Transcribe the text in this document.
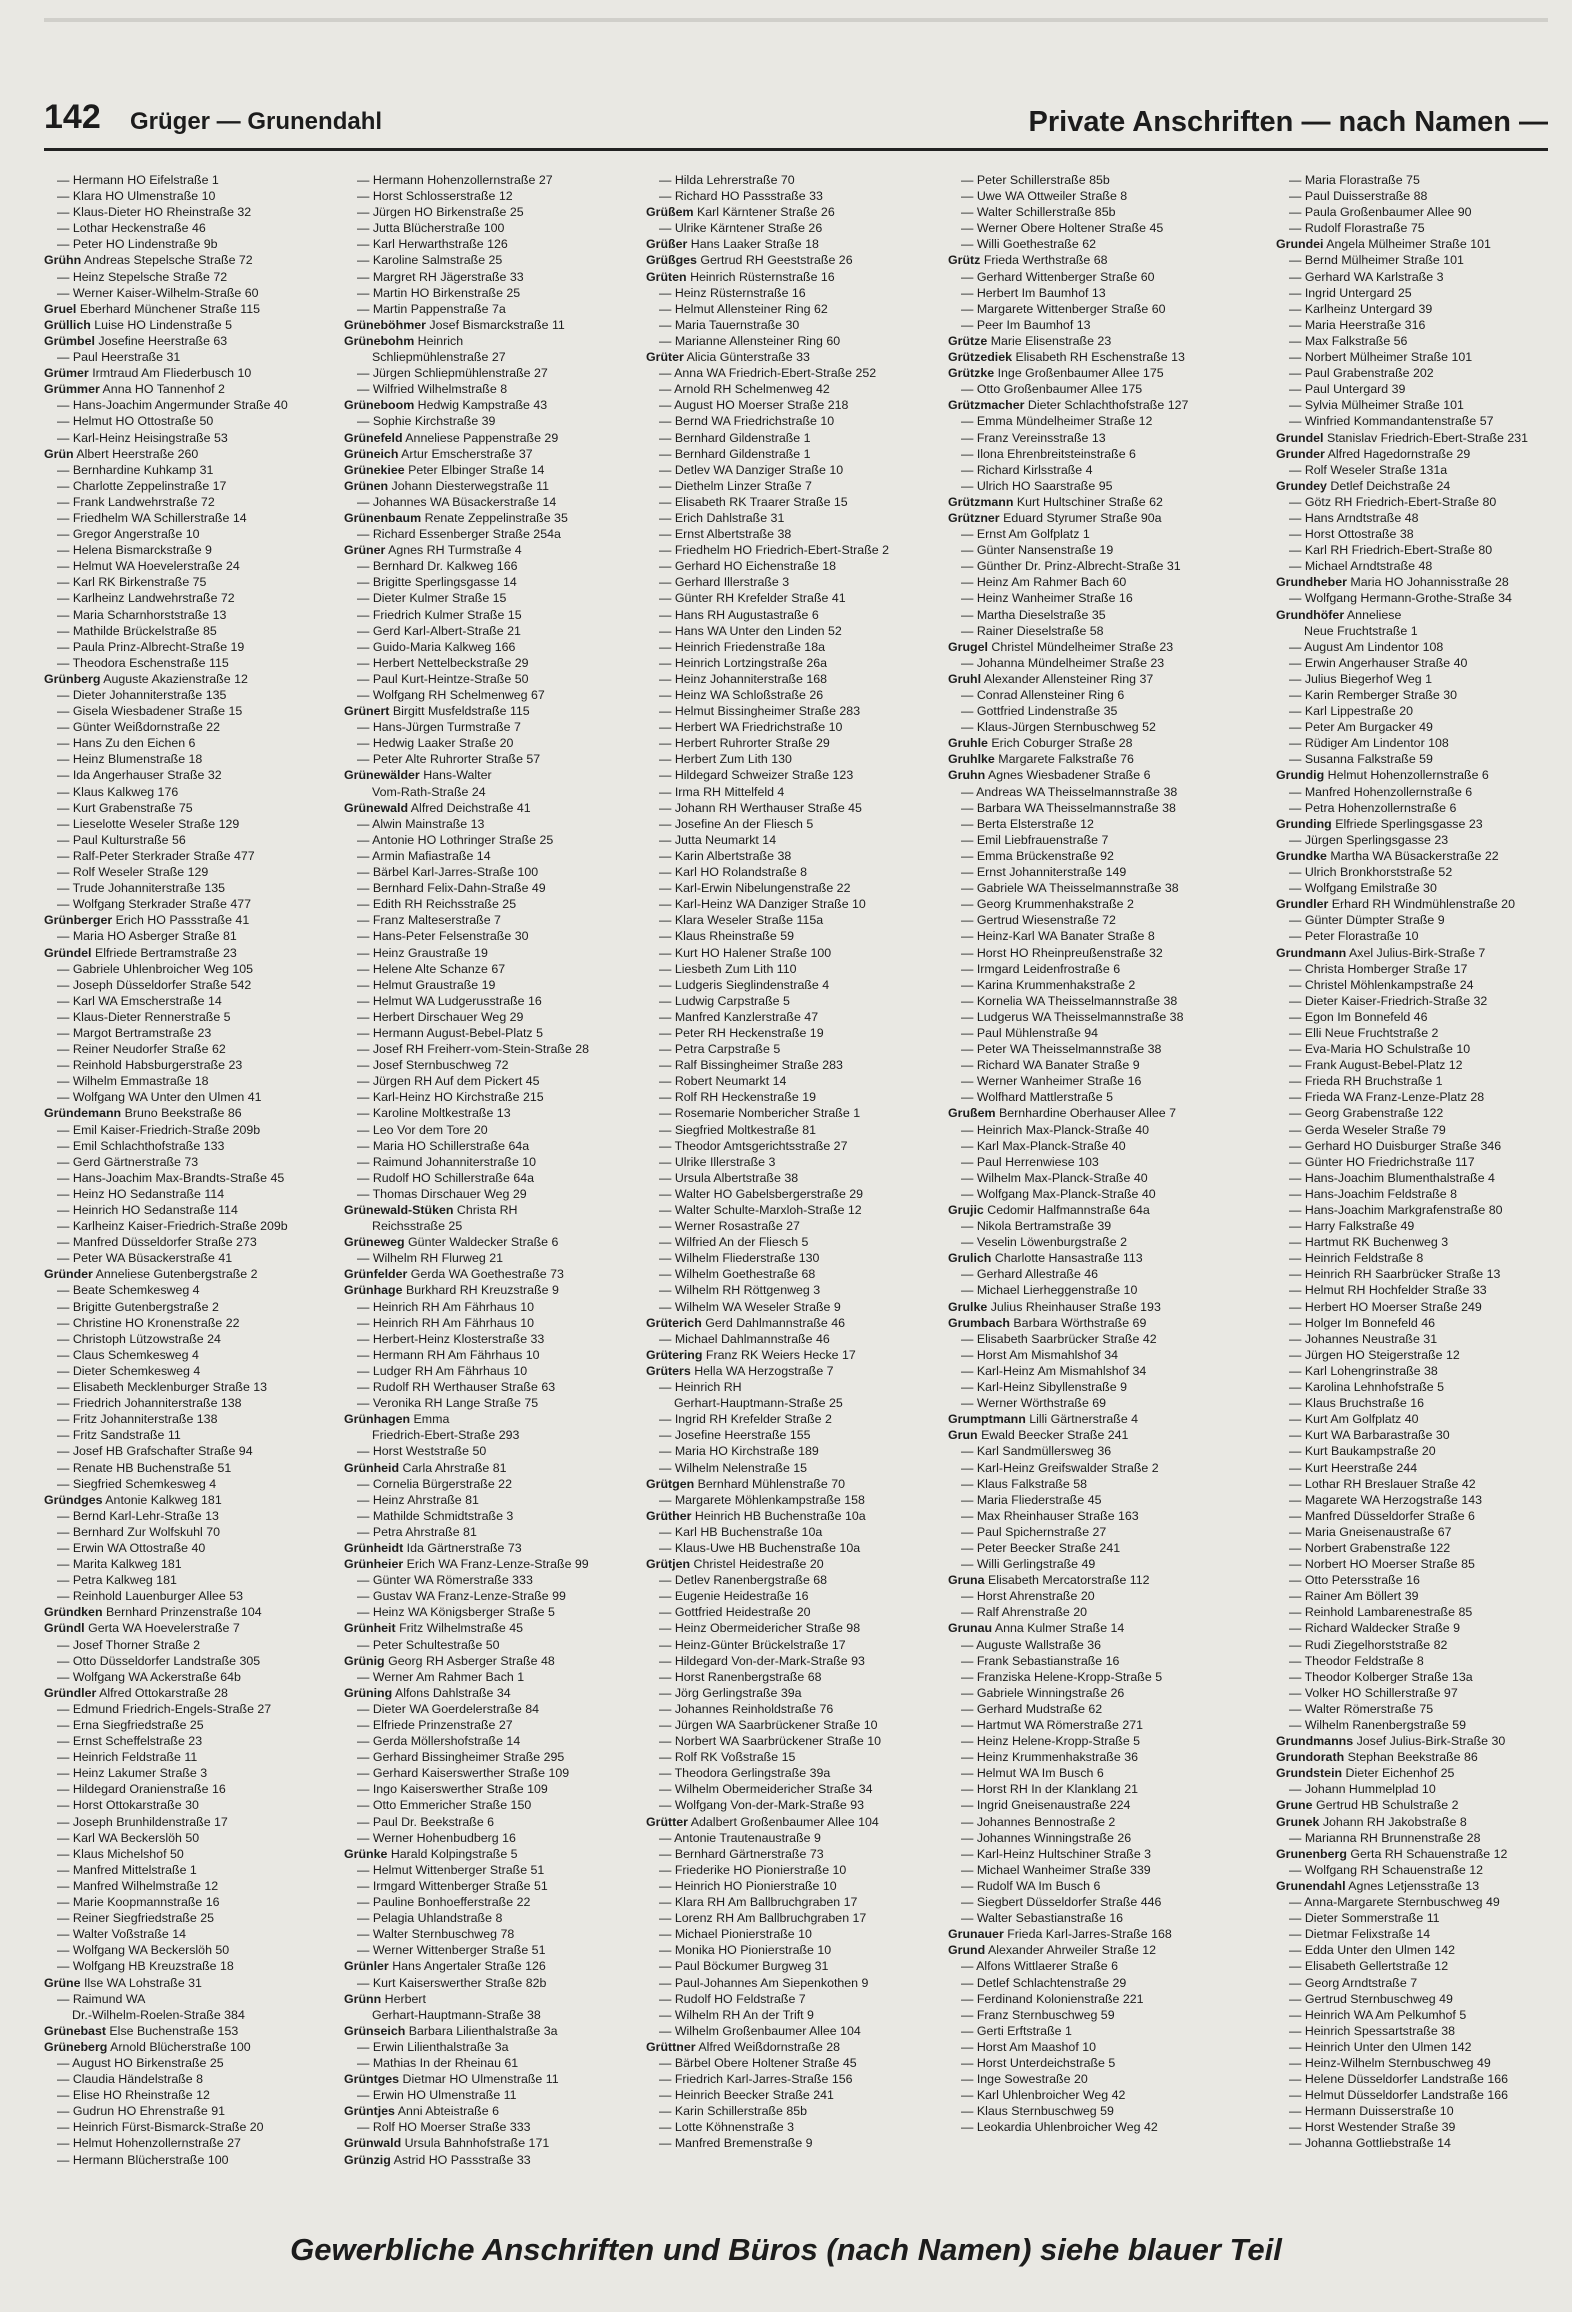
142 Grüger — Grunendahl	Private Anschriften — nach Namen —
— Hermann HO Eifelstraße 1
— Klara HO Ulmenstraße 10
— Klaus-Dieter HO Rheinstraße 32
— Lothar Heckenstraße 46
— Peter HO Lindenstraße 9b
Grühn Andreas Stepelsche Straße 72
— Heinz Stepelsche Straße 72
— Werner Kaiser-Wilhelm-Straße 60
Gruel Eberhard Münchener Straße 115
Grüllich Luise HO Lindenstraße 5
Grümbel Josefine Heerstraße 63
— Paul Heerstraße 31
Grümer Irmtraud Am Fliederbusch 10
Grümmer Anna HO Tannenhof 2
— Hans-Joachim Angermunder Straße 40
— Helmut HO Ottostraße 50
— Karl-Heinz Heisingstraße 53
Grün Albert Heerstraße 260
— Bernhardine Kuhkamp 31
— Charlotte Zeppelinstraße 17
— Frank Landwehrstraße 72
— Friedhelm WA Schillerstraße 14
— Gregor Angerstraße 10
— Helena Bismarckstraße 9
— Helmut WA Hoevelerstraße 24
— Karl RK Birkenstraße 75
— Karlheinz Landwehrstraße 72
— Maria Scharnhorststraße 13
— Mathilde Brückelstraße 85
— Paula Prinz-Albrecht-Straße 19
— Theodora Eschenstraße 115
Grünberg Auguste Akazienstraße 12
— Dieter Johanniterstraße 135
— Gisela Wiesbadener Straße 15
— Günter Weißdornstraße 22
— Hans Zu den Eichen 6
— Heinz Blumenstraße 18
— Ida Angerhauser Straße 32
— Klaus Kalkweg 176
— Kurt Grabenstraße 75
— Lieselotte Weseler Straße 129
— Paul Kulturstraße 56
— Ralf-Peter Sterkrader Straße 477
— Rolf Weseler Straße 129
— Trude Johanniterstraße 135
— Wolfgang Sterkrader Straße 477
Grünberger Erich HO Passstraße 41
— Maria HO Asberger Straße 81
Gründel Elfriede Bertramstraße 23
— Gabriele Uhlenbroicher Weg 105
— Joseph Düsseldorfer Straße 542
— Karl WA Emscherstraße 14
— Klaus-Dieter Rennerstraße 5
— Margot Bertramstraße 23
— Reiner Neudorfer Straße 62
— Reinhold Habsburgerstraße 23
— Wilhelm Emmastraße 18
— Wolfgang WA Unter den Ulmen 41
Gründemann Bruno Beekstraße 86
— Emil Kaiser-Friedrich-Straße 209b
— Emil Schlachthofstraße 133
— Gerd Gärtnerstraße 73
— Hans-Joachim Max-Brandts-Straße 45
— Heinz HO Sedanstraße 114
— Heinrich HO Sedanstraße 114
— Karlheinz Kaiser-Friedrich-Straße 209b
— Manfred Düsseldorfer Straße 273
— Peter WA Büsackerstraße 41
Gründer Anneliese Gutenbergstraße 2
— Beate Schemkesweg 4
— Brigitte Gutenbergstraße 2
— Christine HO Kronenstraße 22
— Christoph Lützowstraße 24
— Claus Schemkesweg 4
— Dieter Schemkesweg 4
— Elisabeth Mecklenburger Straße 13
— Friedrich Johanniterstraße 138
— Fritz Johanniterstraße 138
— Fritz Sandstraße 11
— Josef HB Grafschafter Straße 94
— Renate HB Buchenstraße 51
— Siegfried Schemkesweg 4
Gründges Antonie Kalkweg 181
— Bernd Karl-Lehr-Straße 13
— Bernhard Zur Wolfskuhl 70
— Erwin WA Ottostraße 40
— Marita Kalkweg 181
— Petra Kalkweg 181
— Reinhold Lauenburger Allee 53
Gründken Bernhard Prinzenstraße 104
Gründl Gerta WA Hoevelerstraße 7
— Josef Thorner Straße 2
— Otto Düsseldorfer Landstraße 305
— Wolfgang WA Ackerstraße 64b
Gründler Alfred Ottokarstraße 28
— Edmund Friedrich-Engels-Straße 27
— Erna Siegfriedstraße 25
— Ernst Scheffelstraße 23
— Heinrich Feldstraße 11
— Heinz Lakumer Straße 3
— Hildegard Oranienstraße 16
— Horst Ottokarstraße 30
— Joseph Brunhildenstraße 17
— Karl WA Beckerslöh 50
— Klaus Michelshof 50
— Manfred Mittelstraße 1
— Manfred Wilhelmstraße 12
— Marie Koopmannstraße 16
— Reiner Siegfriedstraße 25
— Walter Voßstraße 14
— Wolfgang WA Beckerslöh 50
— Wolfgang HB Kreuzstraße 18
Grüne Ilse WA Lohstraße 31
— Raimund WA
Dr.-Wilhelm-Roelen-Straße 384
Grünebast Else Buchenstraße 153
Grüneberg Arnold Blücherstraße 100
— August HO Birkenstraße 25
— Claudia Händelstraße 8
— Elise HO Rheinstraße 12
— Gudrun HO Ehrenstraße 91
— Heinrich Fürst-Bismarck-Straße 20
— Helmut Hohenzollernstraße 27
— Hermann Blücherstraße 100
— Hermann Hohenzollernstraße 27
— Horst Schlosserstraße 12
— Jürgen HO Birkenstraße 25
— Jutta Blücherstraße 100
— Karl Herwarthstraße 126
— Karoline Salmstraße 25
— Margret RH Jägerstraße 33
— Martin HO Birkenstraße 25
— Martin Pappenstraße 7a
Grüneböhmer Josef Bismarckstraße 11
Grünebohm Heinrich
Schliepmühlenstraße 27
— Jürgen Schliepmühlenstraße 27
— Wilfried Wilhelmstraße 8
Grüneboom Hedwig Kampstraße 43
— Sophie Kirchstraße 39
Grünefeld Anneliese Pappenstraße 29
Grüneich Artur Emscherstraße 37
Grünekiee Peter Elbinger Straße 14
Grünen Johann Diesterwegstraße 11
— Johannes WA Büsackerstraße 14
Grünenbaum Renate Zeppelinstraße 35
— Richard Essenberger Straße 254a
Grüner Agnes RH Turmstraße 4
— Bernhard Dr. Kalkweg 166
— Brigitte Sperlingsgasse 14
— Dieter Kulmer Straße 15
— Friedrich Kulmer Straße 15
— Gerd Karl-Albert-Straße 21
— Guido-Maria Kalkweg 166
— Herbert Nettelbeckstraße 29
— Paul Kurt-Heintze-Straße 50
— Wolfgang RH Schelmenweg 67
Grünert Birgitt Musfeldstraße 115
— Hans-Jürgen Turmstraße 7
— Hedwig Laaker Straße 20
— Peter Alte Ruhrorter Straße 57
Grünewälder Hans-Walter
Vom-Rath-Straße 24
Grünewald Alfred Deichstraße 41
— Alwin Mainstraße 13
— Antonie HO Lothringer Straße 25
— Armin Mafiastraße 14
— Bärbel Karl-Jarres-Straße 100
— Bernhard Felix-Dahn-Straße 49
— Edith RH Reichsstraße 25
— Franz Malteserstraße 7
— Hans-Peter Felsenstraße 30
— Heinz Graustraße 19
— Helene Alte Schanze 67
— Helmut Graustraße 19
— Helmut WA Ludgerusstraße 16
— Herbert Dirschauer Weg 29
— Hermann August-Bebel-Platz 5
— Josef RH Freiherr-vom-Stein-Straße 28
— Josef Sternbuschweg 72
— Jürgen RH Auf dem Pickert 45
— Karl-Heinz HO Kirchstraße 215
— Karoline Moltkestraße 13
— Leo Vor dem Tore 20
— Maria HO Schillerstraße 64a
— Raimund Johanniterstraße 10
— Rudolf HO Schillerstraße 64a
— Thomas Dirschauer Weg 29
Grünewald-Stüken Christa RH
Reichsstraße 25
Grüneweg Günter Waldecker Straße 6
— Wilhelm RH Flurweg 21
Grünfelder Gerda WA Goethestraße 73
Grünhage Burkhard RH Kreuzstraße 9
— Heinrich RH Am Fährhaus 10
— Heinrich RH Am Fährhaus 10
— Herbert-Heinz Klosterstraße 33
— Hermann RH Am Fährhaus 10
— Ludger RH Am Fährhaus 10
— Rudolf RH Werthauser Straße 63
— Veronika RH Lange Straße 75
Grünhagen Emma
Friedrich-Ebert-Straße 293
— Horst Weststraße 50
Grünheid Carla Ahrstraße 81
— Cornelia Bürgerstraße 22
— Heinz Ahrstraße 81
— Mathilde Schmidtstraße 3
— Petra Ahrstraße 81
Grünheidt Ida Gärtnerstraße 73
Grünheier Erich WA Franz-Lenze-Straße 99
— Günter WA Römerstraße 333
— Gustav WA Franz-Lenze-Straße 99
— Heinz WA Königsberger Straße 5
Grünheit Fritz Wilhelmstraße 45
— Peter Schultestraße 50
Grünig Georg RH Asberger Straße 48
— Werner Am Rahmer Bach 1
Grüning Alfons Dahlstraße 34
— Dieter WA Goerdelerstraße 84
— Elfriede Prinzenstraße 27
— Gerda Möllershofstraße 14
— Gerhard Bissingheimer Straße 295
— Gerhard Kaiserswerther Straße 109
— Ingo Kaiserswerther Straße 109
— Otto Emmericher Straße 150
— Paul Dr. Beekstraße 6
— Werner Hohenbudberg 16
Grünke Harald Kolpingstraße 5
— Helmut Wittenberger Straße 51
— Irmgard Wittenberger Straße 51
— Pauline Bonhoefferstraße 22
— Pelagia Uhlandstraße 8
— Walter Sternbuschweg 78
— Werner Wittenberger Straße 51
Grünler Hans Angertaler Straße 126
— Kurt Kaiserswerther Straße 82b
Grünn Herbert
Gerhart-Hauptmann-Straße 38
Grünseich Barbara Lilienthalstraße 3a
— Erwin Lilienthalstraße 3a
— Mathias In der Rheinau 61
Grüntges Dietmar HO Ulmenstraße 11
— Erwin HO Ulmenstraße 11
Grüntjes Anni Abteistraße 6
— Rolf HO Moerser Straße 333
Grünwald Ursula Bahnhofstraße 171
Grünzig Astrid HO Passstraße 33
— Hilda Lehrerstraße 70
— Richard HO Passstraße 33
Grüßem Karl Kärntener Straße 26
— Ulrike Kärntener Straße 26
Grüßer Hans Laaker Straße 18
Grüßges Gertrud RH Geeststraße 26
Grüten Heinrich Rüsternstraße 16
— Heinz Rüsternstraße 16
— Helmut Allensteiner Ring 62
— Maria Tauernstraße 30
— Marianne Allensteiner Ring 60
Grüter Alicia Günterstraße 33
— Anna WA Friedrich-Ebert-Straße 252
— Arnold RH Schelmenweg 42
— August HO Moerser Straße 218
— Bernd WA Friedrichstraße 10
— Bernhard Gildenstraße 1
— Bernhard Gildenstraße 1
— Detlev WA Danziger Straße 10
— Diethelm Linzer Straße 7
— Elisabeth RK Traarer Straße 15
— Erich Dahlstraße 31
— Ernst Albertstraße 38
— Friedhelm HO Friedrich-Ebert-Straße 2
— Gerhard HO Eichenstraße 18
— Gerhard Illerstraße 3
— Günter RH Krefelder Straße 41
— Hans RH Augustastraße 6
— Hans WA Unter den Linden 52
— Heinrich Friedenstraße 18a
— Heinrich Lortzingstraße 26a
— Heinz Johanniterstraße 168
— Heinz WA Schloßstraße 26
— Helmut Bissingheimer Straße 283
— Herbert WA Friedrichstraße 10
— Herbert Ruhrorter Straße 29
— Herbert Zum Lith 130
— Hildegard Schweizer Straße 123
— Irma RH Mittelfeld 4
— Johann RH Werthauser Straße 45
— Josefine An der Fliesch 5
— Jutta Neumarkt 14
— Karin Albertstraße 38
— Karl HO Rolandstraße 8
— Karl-Erwin Nibelungenstraße 22
— Karl-Heinz WA Danziger Straße 10
— Klara Weseler Straße 115a
— Klaus Rheinstraße 59
— Kurt HO Halener Straße 100
— Liesbeth Zum Lith 110
— Ludgeris Sieglindenstraße 4
— Ludwig Carpstraße 5
— Manfred Kanzlerstraße 47
— Peter RH Heckenstraße 19
— Petra Carpstraße 5
— Ralf Bissingheimer Straße 283
— Robert Neumarkt 14
— Rolf RH Heckenstraße 19
— Rosemarie Nombericher Straße 1
— Siegfried Moltkestraße 81
— Theodor Amtsgerichtsstraße 27
— Ulrike Illerstraße 3
— Ursula Albertstraße 38
— Walter HO Gabelsbergerstraße 29
— Walter Schulte-Marxloh-Straße 12
— Werner Rosastraße 27
— Wilfried An der Fliesch 5
— Wilhelm Fliederstraße 130
— Wilhelm Goethestraße 68
— Wilhelm RH Röttgenweg 3
— Wilhelm WA Weseler Straße 9
Grüterich Gerd Dahlmannstraße 46
— Michael Dahlmannstraße 46
Grütering Franz RK Weiers Hecke 17
Grüters Hella WA Herzogstraße 7
— Heinrich RH
Gerhart-Hauptmann-Straße 25
— Ingrid RH Krefelder Straße 2
— Josefine Heerstraße 155
— Maria HO Kirchstraße 189
— Wilhelm Nelenstraße 15
Grütgen Bernhard Mühlenstraße 70
— Margarete Möhlenkampstraße 158
Grüther Heinrich HB Buchenstraße 10a
— Karl HB Buchenstraße 10a
— Klaus-Uwe HB Buchenstraße 10a
Grütjen Christel Heidestraße 20
— Detlev Ranenbergstraße 68
— Eugenie Heidestraße 16
— Gottfried Heidestraße 20
— Heinz Obermeidericher Straße 98
— Heinz-Günter Brückelstraße 17
— Hildegard Von-der-Mark-Straße 93
— Horst Ranenbergstraße 68
— Jörg Gerlingstraße 39a
— Johannes Reinholdstraße 76
— Jürgen WA Saarbrückener Straße 10
— Norbert WA Saarbrückener Straße 10
— Rolf RK Voßstraße 15
— Theodora Gerlingstraße 39a
— Wilhelm Obermeidericher Straße 34
— Wolfgang Von-der-Mark-Straße 93
Grütter Adalbert Großenbaumer Allee 104
— Antonie Trautenaustraße 9
— Bernhard Gärtnerstraße 73
— Friederike HO Pionierstraße 10
— Heinrich HO Pionierstraße 10
— Klara RH Am Ballbruchgraben 17
— Lorenz RH Am Ballbruchgraben 17
— Michael Pionierstraße 10
— Monika HO Pionierstraße 10
— Paul Böckumer Burgweg 31
— Paul-Johannes Am Siepenkothen 9
— Rudolf HO Feldstraße 7
— Wilhelm RH An der Trift 9
— Wilhelm Großenbaumer Allee 104
Grüttner Alfred Weißdornstraße 28
— Bärbel Obere Holtener Straße 45
— Friedrich Karl-Jarres-Straße 156
— Heinrich Beecker Straße 241
— Karin Schillerstraße 85b
— Lotte Köhnenstraße 3
— Manfred Bremenstraße 9
— Peter Schillerstraße 85b
— Uwe WA Ottweiler Straße 8
— Walter Schillerstraße 85b
— Werner Obere Holtener Straße 45
— Willi Goethestraße 62
Grütz Frieda Werthstraße 68
— Gerhard Wittenberger Straße 60
— Herbert Im Baumhof 13
— Margarete Wittenberger Straße 60
— Peer Im Baumhof 13
Grütze Marie Elisenstraße 23
Grützediek Elisabeth RH Eschenstraße 13
Grützke Inge Großenbaumer Allee 175
— Otto Großenbaumer Allee 175
Grützmacher Dieter Schlachthofstraße 127
— Emma Mündelheimer Straße 12
— Franz Vereinsstraße 13
— Ilona Ehrenbreitsteinstraße 6
— Richard Kirlsstraße 4
— Ulrich HO Saarstraße 95
Grützmann Kurt Hultschiner Straße 62
Grützner Eduard Styrumer Straße 90a
— Ernst Am Golfplatz 1
— Günter Nansenstraße 19
— Günther Dr. Prinz-Albrecht-Straße 31
— Heinz Am Rahmer Bach 60
— Heinz Wanheimer Straße 16
— Martha Dieselstraße 35
— Rainer Dieselstraße 58
Grugel Christel Mündelheimer Straße 23
— Johanna Mündelheimer Straße 23
Gruhl Alexander Allensteiner Ring 37
— Conrad Allensteiner Ring 6
— Gottfried Lindenstraße 35
— Klaus-Jürgen Sternbuschweg 52
Gruhle Erich Coburger Straße 28
Gruhlke Margarete Falkstraße 76
Gruhn Agnes Wiesbadener Straße 6
— Andreas WA Theisselmannstraße 38
— Barbara WA Theisselmannstraße 38
— Berta Elsterstraße 12
— Emil Liebfrauenstraße 7
— Emma Brückenstraße 92
— Ernst Johanniterstraße 149
— Gabriele WA Theisselmannstraße 38
— Georg Krummenhakstraße 2
— Gertrud Wiesenstraße 72
— Heinz-Karl WA Banater Straße 8
— Horst HO Rheinpreußenstraße 32
— Irmgard Leidenfrostraße 6
— Karina Krummenhakstraße 2
— Kornelia WA Theisselmannstraße 38
— Ludgerus WA Theisselmannstraße 38
— Paul Mühlenstraße 94
— Peter WA Theisselmannstraße 38
— Richard WA Banater Straße 9
— Werner Wanheimer Straße 16
— Wolfhard Mattlerstraße 5
Grußem Bernhardine Oberhauser Allee 7
— Heinrich Max-Planck-Straße 40
— Karl Max-Planck-Straße 40
— Paul Herrenwiese 103
— Wilhelm Max-Planck-Straße 40
— Wolfgang Max-Planck-Straße 40
Grujic Cedomir Halfmannstraße 64a
— Nikola Bertramstraße 39
— Veselin Löwenburgstraße 2
Grulich Charlotte Hansastraße 113
— Gerhard Allestraße 46
— Michael Lierheggenstraße 10
Grulke Julius Rheinhauser Straße 193
Grumbach Barbara Wörthstraße 69
— Elisabeth Saarbrücker Straße 42
— Horst Am Mismahlshof 34
— Karl-Heinz Am Mismahlshof 34
— Karl-Heinz Sibyllenstraße 9
— Werner Wörthstraße 69
Grumptmann Lilli Gärtnerstraße 4
Grun Ewald Beecker Straße 241
— Karl Sandmüllersweg 36
— Karl-Heinz Greifswalder Straße 2
— Klaus Falkstraße 58
— Maria Fliederstraße 45
— Max Rheinhauser Straße 163
— Paul Spichernstraße 27
— Peter Beecker Straße 241
— Willi Gerlingstraße 49
Gruna Elisabeth Mercatorstraße 112
— Horst Ahrenstraße 20
— Ralf Ahrenstraße 20
Grunau Anna Kulmer Straße 14
— Auguste Wallstraße 36
— Frank Sebastianstraße 16
— Franziska Helene-Kropp-Straße 5
— Gabriele Winningstraße 26
— Gerhard Mudstraße 62
— Hartmut WA Römerstraße 271
— Heinz Helene-Kropp-Straße 5
— Heinz Krummenhakstraße 36
— Helmut WA Im Busch 6
— Horst RH In der Klanklang 21
— Ingrid Gneisenaustraße 224
— Johannes Bennostraße 2
— Johannes Winningstraße 26
— Karl-Heinz Hultschiner Straße 3
— Michael Wanheimer Straße 339
— Rudolf WA Im Busch 6
— Siegbert Düsseldorfer Straße 446
— Walter Sebastianstraße 16
Grunauer Frieda Karl-Jarres-Straße 168
Grund Alexander Ahrweiler Straße 12
— Alfons Wittlaerer Straße 6
— Detlef Schlachtenstraße 29
— Ferdinand Kolonienstraße 221
— Franz Sternbuschweg 59
— Gerti Erftstraße 1
— Horst Am Maashof 10
— Horst Unterdeichstraße 5
— Inge Sowestraße 20
— Karl Uhlenbroicher Weg 42
— Klaus Sternbuschweg 59
— Leokardia Uhlenbroicher Weg 42
— Maria Florastraße 75
— Paul Duisserstraße 88
— Paula Großenbaumer Allee 90
— Rudolf Florastraße 75
Grundei Angela Mülheimer Straße 101
— Bernd Mülheimer Straße 101
— Gerhard WA Karlstraße 3
— Ingrid Untergard 25
— Karlheinz Untergard 39
— Maria Heerstraße 316
— Max Falkstraße 56
— Norbert Mülheimer Straße 101
— Paul Grabenstraße 202
— Paul Untergard 39
— Sylvia Mülheimer Straße 101
— Winfried Kommandantenstraße 57
Grundel Stanislav Friedrich-Ebert-Straße 231
Grunder Alfred Hagedornstraße 29
— Rolf Weseler Straße 131a
Grundey Detlef Deichstraße 24
— Götz RH Friedrich-Ebert-Straße 80
— Hans Arndtstraße 48
— Horst Ottostraße 38
— Karl RH Friedrich-Ebert-Straße 80
— Michael Arndtstraße 48
Grundheber Maria HO Johannisstraße 28
— Wolfgang Hermann-Grothe-Straße 34
Grundhöfer Anneliese
Neue Fruchtstraße 1
— August Am Lindentor 108
— Erwin Angerhauser Straße 40
— Julius Biegerhof Weg 1
— Karin Remberger Straße 30
— Karl Lippestraße 20
— Peter Am Burgacker 49
— Rüdiger Am Lindentor 108
— Susanna Falkstraße 59
Grundig Helmut Hohenzollernstraße 6
— Manfred Hohenzollernstraße 6
— Petra Hohenzollernstraße 6
Grunding Elfriede Sperlingsgasse 23
— Jürgen Sperlingsgasse 23
Grundke Martha WA Büsackerstraße 22
— Ulrich Bronkhorststraße 52
— Wolfgang Emilstraße 30
Grundler Erhard RH Windmühlenstraße 20
— Günter Dümpter Straße 9
— Peter Florastraße 10
Grundmann Axel Julius-Birk-Straße 7
— Christa Homberger Straße 17
— Christel Möhlenkampstraße 24
— Dieter Kaiser-Friedrich-Straße 32
— Egon Im Bonnefeld 46
— Elli Neue Fruchtstraße 2
— Eva-Maria HO Schulstraße 10
— Frank August-Bebel-Platz 12
— Frieda RH Bruchstraße 1
— Frieda WA Franz-Lenze-Platz 28
— Georg Grabenstraße 122
— Gerda Weseler Straße 79
— Gerhard HO Duisburger Straße 346
— Günter HO Friedrichstraße 117
— Hans-Joachim Blumenthalstraße 4
— Hans-Joachim Feldstraße 8
— Hans-Joachim Markgrafenstraße 80
— Harry Falkstraße 49
— Hartmut RK Buchenweg 3
— Heinrich Feldstraße 8
— Heinrich RH Saarbrücker Straße 13
— Helmut RH Hochfelder Straße 33
— Herbert HO Moerser Straße 249
— Holger Im Bonnefeld 46
— Johannes Neustraße 31
— Jürgen HO Steigerstraße 12
— Karl Lohengrinstraße 38
— Karolina Lehnhofstraße 5
— Klaus Bruchstraße 16
— Kurt Am Golfplatz 40
— Kurt WA Barbarastraße 30
— Kurt Baukampstraße 20
— Kurt Heerstraße 244
— Lothar RH Breslauer Straße 42
— Magarete WA Herzogstraße 143
— Manfred Düsseldorfer Straße 6
— Maria Gneisenaustraße 67
— Norbert Grabenstraße 122
— Norbert HO Moerser Straße 85
— Otto Petersstraße 16
— Rainer Am Böllert 39
— Reinhold Lambarenestraße 85
— Richard Waldecker Straße 9
— Rudi Ziegelhorststraße 82
— Theodor Feldstraße 8
— Theodor Kolberger Straße 13a
— Volker HO Schillerstraße 97
— Walter Römerstraße 75
— Wilhelm Ranenbergstraße 59
Grundmanns Josef Julius-Birk-Straße 30
Grundorath Stephan Beekstraße 86
Grundstein Dieter Eichenhof 25
— Johann Hummelplad 10
Grune Gertrud HB Schulstraße 2
Grunek Johann RH Jakobstraße 8
— Marianna RH Brunnenstraße 28
Grunenberg Gerta RH Schauenstraße 12
— Wolfgang RH Schauenstraße 12
Grunendahl Agnes Letjensstraße 13
— Anna-Margarete Sternbuschweg 49
— Dieter Sommerstraße 11
— Dietmar Felixstraße 14
— Edda Unter den Ulmen 142
— Elisabeth Gellertstraße 12
— Georg Arndtstraße 7
— Gertrud Sternbuschweg 49
— Heinrich WA Am Pelkumhof 5
— Heinrich Spessartstraße 38
— Heinrich Unter den Ulmen 142
— Heinz-Wilhelm Sternbuschweg 49
— Helene Düsseldorfer Landstraße 166
— Helmut Düsseldorfer Landstraße 166
— Hermann Duisserstraße 10
— Horst Westender Straße 39
— Johanna Gottliebstraße 14
Gewerbliche Anschriften und Büros (nach Namen) siehe blauer Teil
